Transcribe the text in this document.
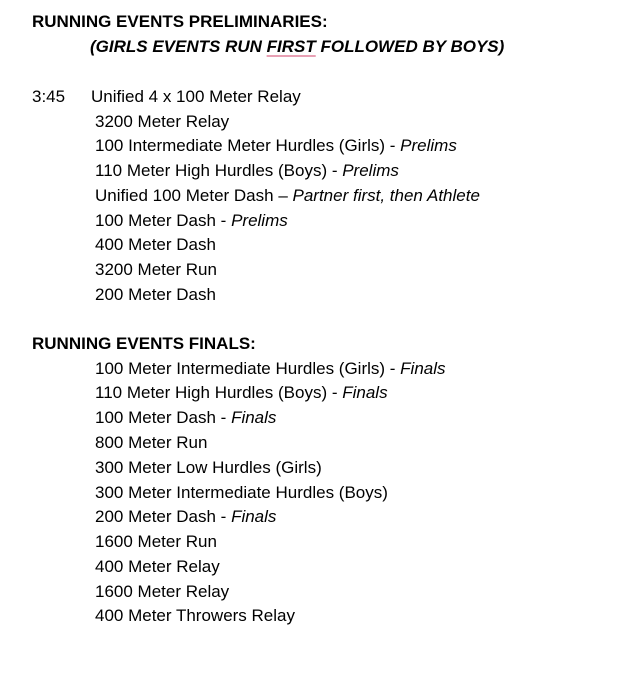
RUNNING EVENTS PRELIMINARIES:
(GIRLS EVENTS RUN FIRST FOLLOWED BY BOYS)
3:45 Unified 4 x 100 Meter Relay
3200 Meter Relay
100 Intermediate Meter Hurdles (Girls) - Prelims
110 Meter High Hurdles (Boys) - Prelims
Unified 100 Meter Dash – Partner first, then Athlete
100 Meter Dash - Prelims
400 Meter Dash
3200 Meter Run
200 Meter Dash
RUNNING EVENTS FINALS:
100 Meter Intermediate Hurdles (Girls) - Finals
110 Meter High Hurdles (Boys) - Finals
100 Meter Dash - Finals
800 Meter Run
300 Meter Low Hurdles (Girls)
300 Meter Intermediate Hurdles (Boys)
200 Meter Dash - Finals
1600 Meter Run
400 Meter Relay
1600 Meter Relay
400 Meter Throwers Relay
